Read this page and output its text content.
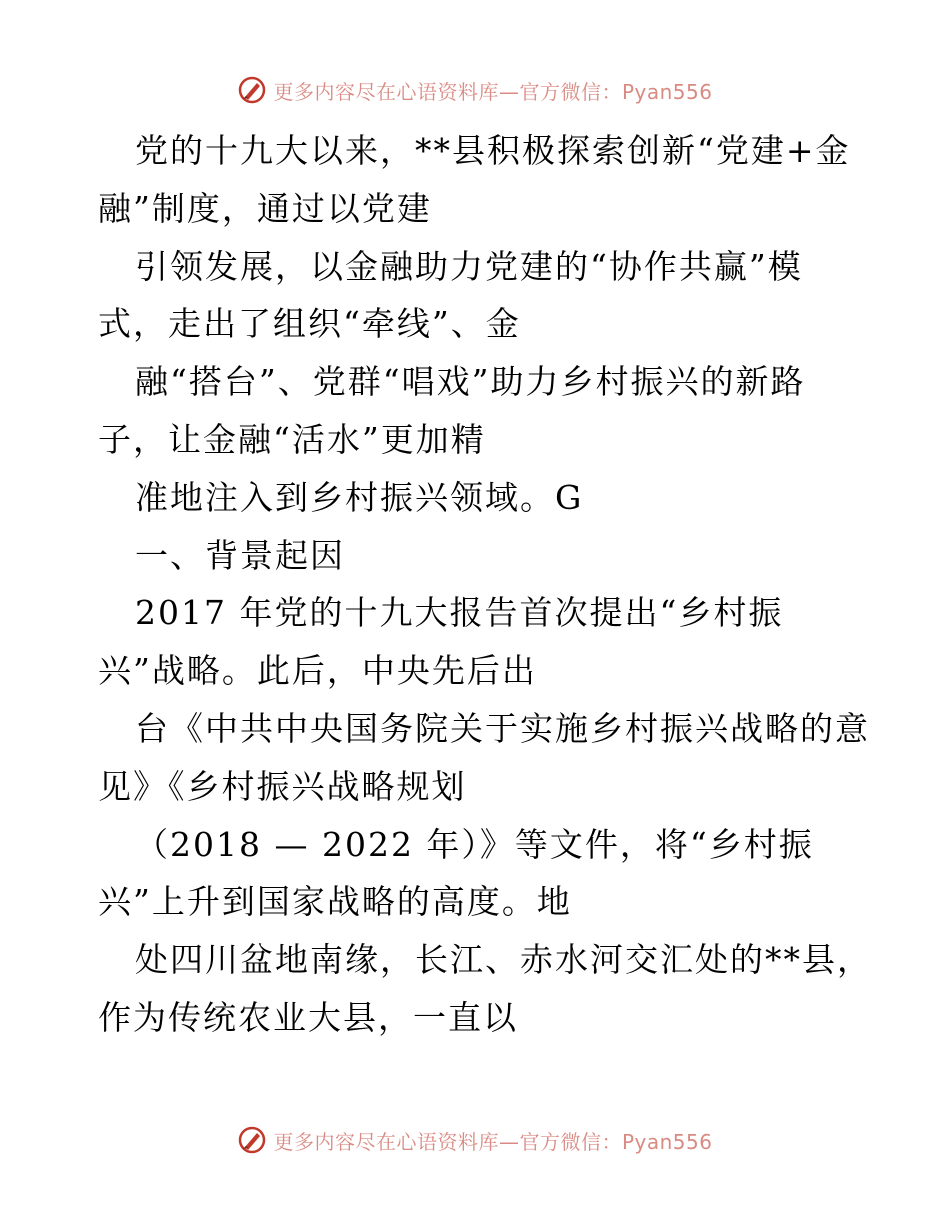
更多内容尽在心语资料库—官方微信：Pyan556
党的十九大以来，**县积极探索创新“党建+金
融”制度，通过以党建
引领发展，以金融助力党建的“协作共赢”模
式，走出了组织“牵线”、金
融“搭台”、党群“唱戏”助力乡村振兴的新路
子，让金融“活水”更加精
准地注入到乡村振兴领域。G
一、背景起因
2017 年党的十九大报告首次提出“乡村振
兴”战略。此后，中央先后出
台《中共中央国务院关于实施乡村振兴战略的意
见》《乡村振兴战略规划
（2018 — 2022 年）》等文件，将“乡村振
兴”上升到国家战略的高度。地
处四川盆地南缘，长江、赤水河交汇处的**县，
作为传统农业大县，一直以
更多内容尽在心语资料库—官方微信：Pyan556
